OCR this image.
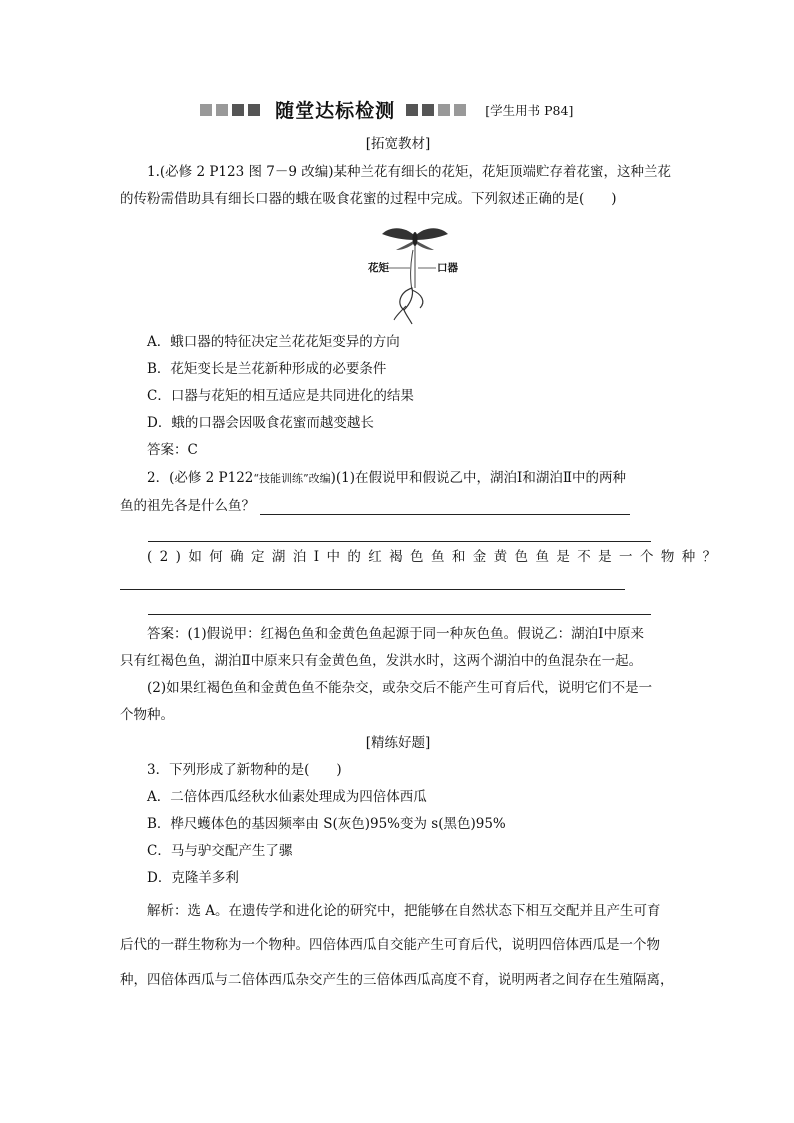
随堂达标检测	[学生用书 P84]
[拓宽教材]
1.(必修 2 P123 图 7－9 改编)某种兰花有细长的花矩，花矩顶端贮存着花蜜，这种兰花
的传粉需借助具有细长口器的蛾在吸食花蜜的过程中完成。下列叙述正确的是(　　)
花矩	口器
A．蛾口器的特征决定兰花花矩变异的方向
B．花矩变长是兰花新种形成的必要条件
C．口器与花矩的相互适应是共同进化的结果
D．蛾的口器会因吸食花蜜而越变越长
答案：C
2．(必修 2 P122“技能训练”改编)(1)在假说甲和假说乙中，湖泊Ⅰ和湖泊Ⅱ中的两种
鱼的祖先各是什么鱼？
(2)如何确定湖泊Ⅰ中的红褐色鱼和金黄色鱼是不是一个物种？
答案：(1)假说甲：红褐色鱼和金黄色鱼起源于同一种灰色鱼。假说乙：湖泊Ⅰ中原来
只有红褐色鱼，湖泊Ⅱ中原来只有金黄色鱼，发洪水时，这两个湖泊中的鱼混杂在一起。
(2)如果红褐色鱼和金黄色鱼不能杂交，或杂交后不能产生可育后代，说明它们不是一
个物种。
[精练好题]
3．下列形成了新物种的是(　　)
A．二倍体西瓜经秋水仙素处理成为四倍体西瓜
B．桦尺蠖体色的基因频率由 S(灰色)95%变为 s(黑色)95%
C．马与驴交配产生了骡
D．克隆羊多利
解析：选 A。在遗传学和进化论的研究中，把能够在自然状态下相互交配并且产生可育
后代的一群生物称为一个物种。四倍体西瓜自交能产生可育后代，说明四倍体西瓜是一个物
种，四倍体西瓜与二倍体西瓜杂交产生的三倍体西瓜高度不育，说明两者之间存在生殖隔离，
